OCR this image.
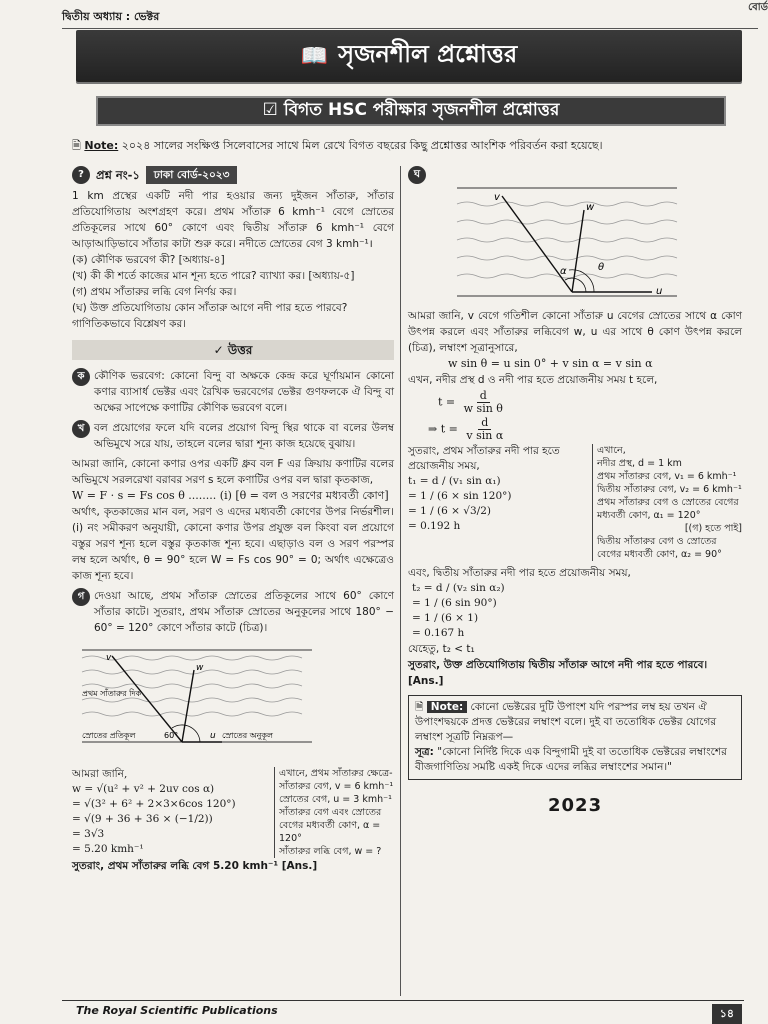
দ্বিতীয় অধ্যায় : ভেক্টর
বোর্ড
📖 সৃজনশীল প্রশ্নোত্তর
☑ বিগত HSC পরীক্ষার সৃজনশীল প্রশ্নোত্তর
🗎 Note: ২০২৪ সালের সংক্ষিপ্ত সিলেবাসের সাথে মিল রেখে বিগত বছরের কিছু প্রশ্নোত্তর আংশিক পরিবর্তন করা হয়েছে।
?	প্রশ্ন নং-১	ঢাকা বোর্ড-২০২৩

1 km প্রস্থের একটি নদী পার হওয়ার জন্য দুইজন সাঁতারু, সাঁতার প্রতিযোগিতায় অংশগ্রহণ করে। প্রথম সাঁতারু 6 kmh⁻¹ বেগে স্রোতের প্রতিকূলের সাথে 60° কোণে এবং দ্বিতীয় সাঁতারু 6 kmh⁻¹ বেগে আড়াআড়িভাবে সাঁতার কাটা শুরু করে। নদীতে স্রোতের বেগ 3 kmh⁻¹।

(ক) কৌণিক ভরবেগ কী? [অধ্যায়-৪]
(খ) কী কী শর্তে কাজের মান শূন্য হতে পারে? ব্যাখ্যা কর। [অধ্যায়-৫]
(গ) প্রথম সাঁতারুর লব্ধি বেগ নির্ণয় কর।
(ঘ) উক্ত প্রতিযোগিতায় কোন সাঁতারু আগে নদী পার হতে পারবে? গাণিতিকভাবে বিশ্লেষণ কর।
✓ উত্তর
ক কৌণিক ভরবেগ: কোনো বিন্দু বা অক্ষকে কেন্দ্র করে ঘূর্ণায়মান কোনো কণার ব্যাসার্ধ ভেক্টর এবং রৈখিক ভরবেগের ভেক্টর গুণফলকে ঐ বিন্দু বা অক্ষের সাপেক্ষে কণাটির কৌণিক ভরবেগ বলে।

খ বল প্রয়োগের ফলে যদি বলের প্রয়োগ বিন্দু স্থির থাকে বা বলের উলম্ব অভিমুখে সরে যায়, তাহলে বলের দ্বারা শূন্য কাজ হয়েছে বুঝায়।

আমরা জানি, কোনো কণার ওপর একটি ধ্রুব বল F এর ক্রিয়ায় কণাটির বলের অভিমুখে সরলরেখা বরাবর সরণ s হলে কণাটির ওপর বল দ্বারা কৃতকাজ,

W = F · s = Fs cos θ ........ (i) [θ = বল ও সরণের মধ্যবর্তী কোণ]

অর্থাৎ, কৃতকাজের মান বল, সরণ ও এদের মধ্যবর্তী কোণের উপর নির্ভরশীল। (i) নং সমীকরণ অনুযায়ী, কোনো কণার উপর প্রযুক্ত বল কিংবা বল প্রয়োগে বস্তুর সরণ শূন্য হলে বস্তুর কৃতকাজ শূন্য হবে। এছাড়াও বল ও সরণ পরস্পর লম্ব হলে অর্থাৎ, θ = 90° হলে W = Fs cos 90° = 0; অর্থাৎ এক্ষেত্রেও কাজ শূন্য হবে।

গ দেওয়া আছে, প্রথম সাঁতারু স্রোতের প্রতিকূলের সাথে 60° কোণে সাঁতার কাটে। সুতরাং, প্রথম সাঁতারু স্রোতের অনুকূলের সাথে 180° − 60° = 120° কোণে সাঁতার কাটে (চিত্র)।

v
w
প্রথম সাঁতারুর দিক
স্রোতের প্রতিকূল	60°	u স্রোতের অনুকূল
আমরা জানি,
w = √(u² + v² + 2uv cos α)
= √(3² + 6² + 2×3×6cos 120°)
= √(9 + 36 + 36 × (−1/2))
= 3√3
= 5.20 kmh⁻¹
এখানে, প্রথম সাঁতারুর ক্ষেত্রে-
সাঁতারুর বেগ, v = 6 kmh⁻¹
স্রোতের বেগ, u = 3 kmh⁻¹
সাঁতারুর বেগ এবং স্রোতের বেগের মধ্যবর্তী কোণ, α = 120°
সাঁতারুর লব্ধি বেগ, w = ?
সুতরাং, প্রথম সাঁতারুর লব্ধি বেগ 5.20 kmh⁻¹ [Ans.]
ঘ
v
w
α	θ
u

আমরা জানি, v বেগে গতিশীল কোনো সাঁতারু u বেগের স্রোতের সাথে α কোণ উৎপন্ন করলে এবং সাঁতারুর লব্ধিবেগ w, u এর সাথে θ কোণ উৎপন্ন করলে (চিত্র), লম্বাংশ সূত্রানুসারে,

w sin θ = u sin 0° + v sin α = v sin α

এখন, নদীর প্রস্থ d ও নদী পার হতে প্রয়োজনীয় সময় t হলে,

$t = \frac{d}{\text{w sin θ}}$
⇒ $t = \frac{d}{\text{v sin α}}$
সুতরাং, প্রথম সাঁতারুর নদী পার হতে প্রয়োজনীয় সময়,
t₁ = d / (v₁ sin α₁)
= 1 / (6 × sin 120°)
= 1 / (6 × √3/2)
= 0.192 h
এখানে,
নদীর প্রস্থ, d = 1 km
প্রথম সাঁতারুর বেগ, v₁ = 6 kmh⁻¹
দ্বিতীয় সাঁতারুর বেগ, v₂ = 6 kmh⁻¹
প্রথম সাঁতারুর বেগ ও স্রোতের বেগের মধ্যবর্তী কোণ, α₁ = 120°
[(গ) হতে পাই]
দ্বিতীয় সাঁতারুর বেগ ও স্রোতের বেগের মধ্যবর্তী কোণ, α₂ = 90°

এবং, দ্বিতীয় সাঁতারুর নদী পার হতে প্রয়োজনীয় সময়,

t₂ = d / (v₂ sin α₂)
= 1 / (6 sin 90°)
= 1 / (6 × 1)
= 0.167 h
যেহেতু, t₂ < t₁
সুতরাং, উক্ত প্রতিযোগিতায় দ্বিতীয় সাঁতারু আগে নদী পার হতে পারবে। [Ans.]
🗎 Note: কোনো ভেক্টরের দুটি উপাংশ যদি পরস্পর লম্ব হয় তখন ঐ উপাংশদ্বয়কে প্রদত্ত ভেক্টরের লম্বাংশ বলে। দুই বা ততোধিক ভেক্টর যোগের লম্বাংশ সূত্রটি নিম্নরূপ—
সূত্র: "কোনো নির্দিষ্ট দিকে এক বিন্দুগামী দুই বা ততোধিক ভেক্টরের লম্বাংশের বীজগাণিতিয় সমষ্টি একই দিকে এদের লব্ধির লম্বাংশের সমান।"
2023
The Royal Scientific Publications	১৪
